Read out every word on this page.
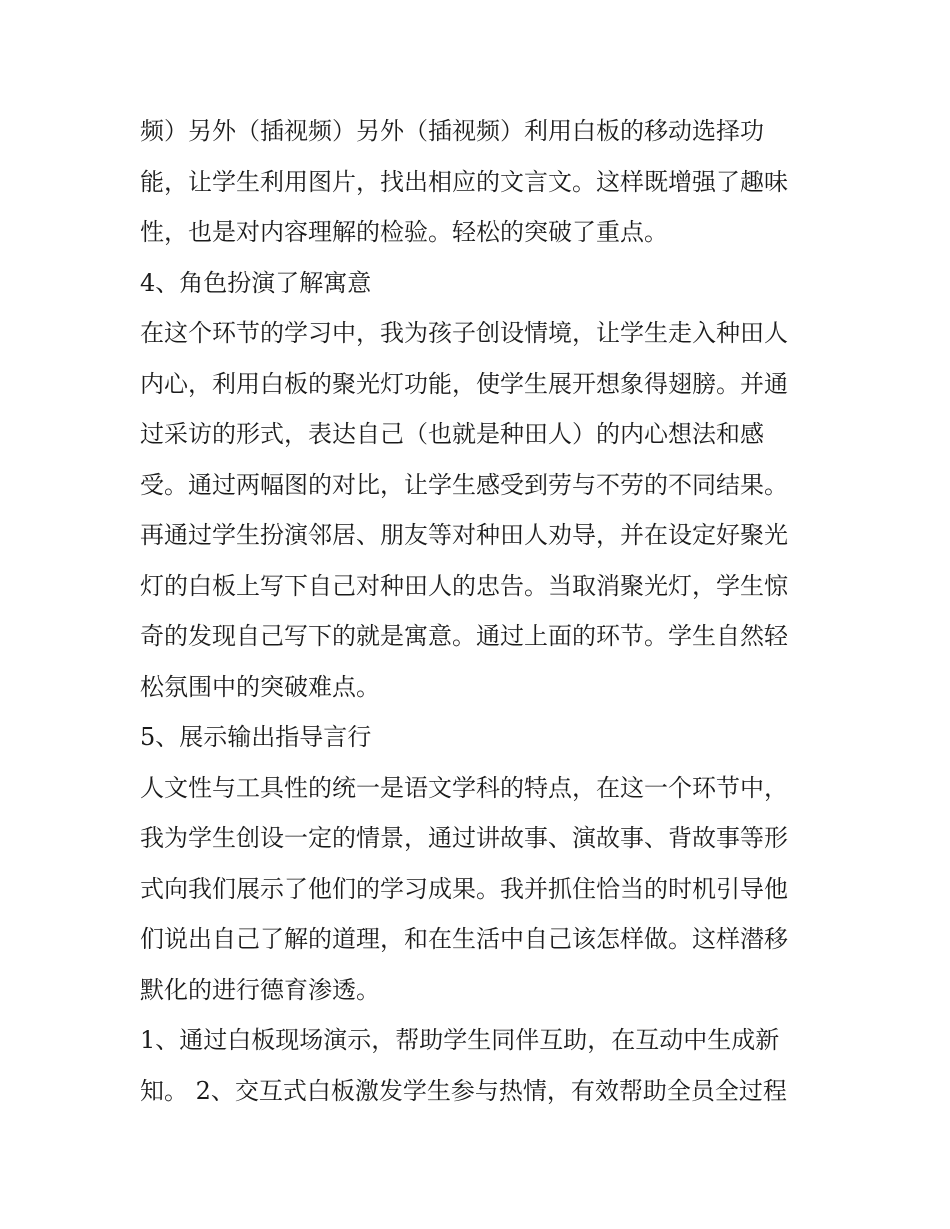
频）另外（插视频）另外（插视频）利用白板的移动选择功
能，让学生利用图片，找出相应的文言文。这样既增强了趣味
性，也是对内容理解的检验。轻松的突破了重点。
4、角色扮演了解寓意
在这个环节的学习中，我为孩子创设情境，让学生走入种田人
内心，利用白板的聚光灯功能，使学生展开想象得翅膀。并通
过采访的形式，表达自己（也就是种田人）的内心想法和感
受。通过两幅图的对比，让学生感受到劳与不劳的不同结果。
再通过学生扮演邻居、朋友等对种田人劝导，并在设定好聚光
灯的白板上写下自己对种田人的忠告。当取消聚光灯，学生惊
奇的发现自己写下的就是寓意。通过上面的环节。学生自然轻
松氛围中的突破难点。
5、展示输出指导言行
人文性与工具性的统一是语文学科的特点，在这一个环节中，
我为学生创设一定的情景，通过讲故事、演故事、背故事等形
式向我们展示了他们的学习成果。我并抓住恰当的时机引导他
们说出自己了解的道理，和在生活中自己该怎样做。这样潜移
默化的进行德育渗透。
1、通过白板现场演示，帮助学生同伴互助，在互动中生成新
知。 2、交互式白板激发学生参与热情，有效帮助全员全过程
